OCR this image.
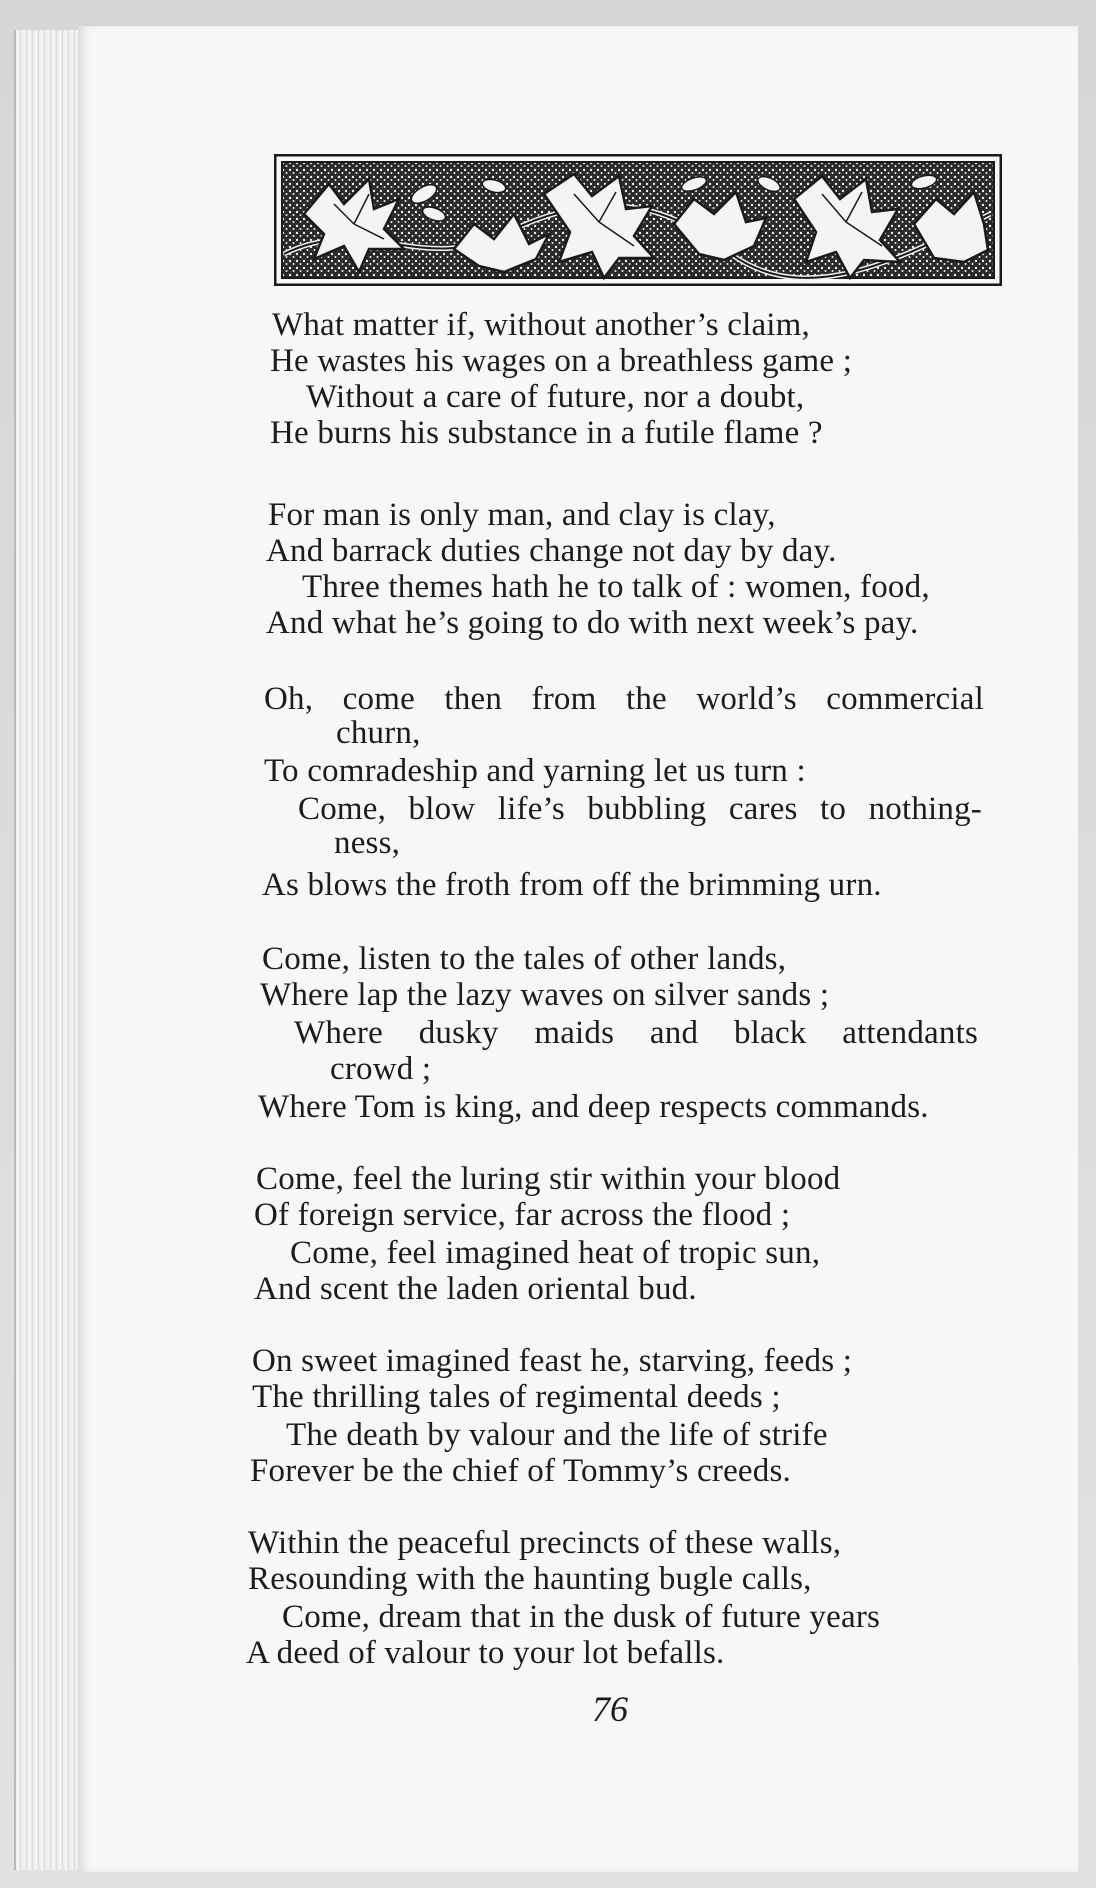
What matter if, without another’s claim,
He wastes his wages on a breathless game ;
Without a care of future, nor a doubt,
He burns his substance in a futile flame ?
For man is only man, and clay is clay,
And barrack duties change not day by day.
Three themes hath he to talk of : women, food,
And what he’s going to do with next week’s pay.
Oh, come then from the world’s commercial
churn,
To comradeship and yarning let us turn :
Come, blow life’s bubbling cares to nothing-
ness,
As blows the froth from off the brimming urn.
Come, listen to the tales of other lands,
Where lap the lazy waves on silver sands ;
Where dusky maids and black attendants
crowd ;
Where Tom is king, and deep respects commands.
Come, feel the luring stir within your blood
Of foreign service, far across the flood ;
Come, feel imagined heat of tropic sun,
And scent the laden oriental bud.
On sweet imagined feast he, starving, feeds ;
The thrilling tales of regimental deeds ;
The death by valour and the life of strife
Forever be the chief of Tommy’s creeds.
Within the peaceful precincts of these walls,
Resounding with the haunting bugle calls,
Come, dream that in the dusk of future years
A deed of valour to your lot befalls.
76
